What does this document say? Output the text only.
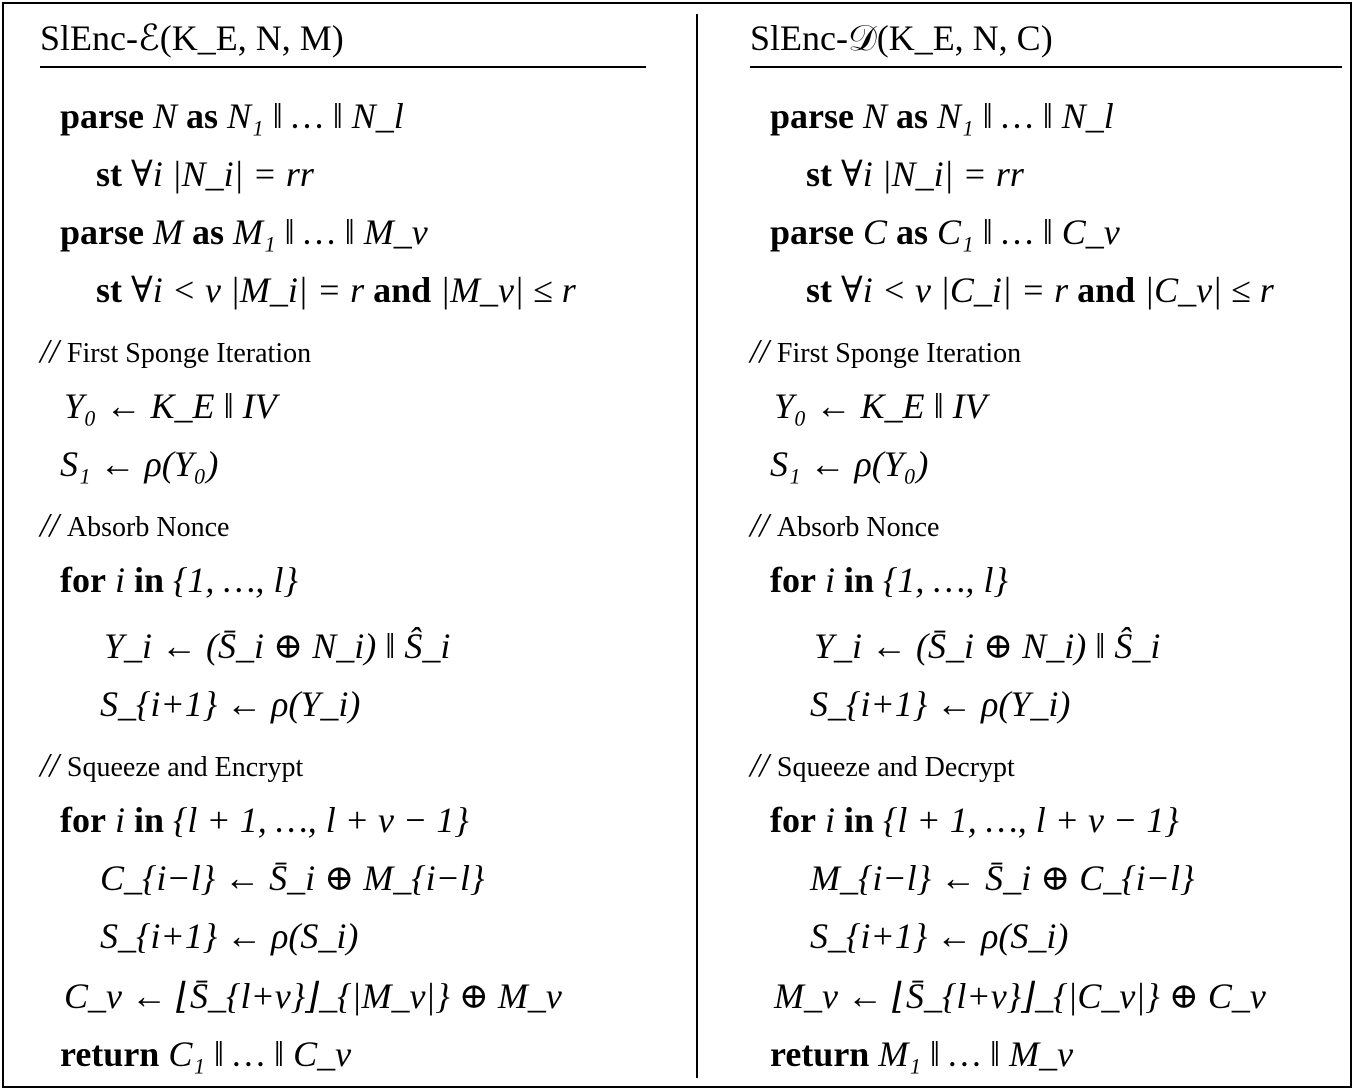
SlEnc-ℰ(K_E, N, M)
parse N as N₁ ‖ … ‖ N_l
st ∀i |N_i| = rr
parse M as M₁ ‖ … ‖ M_v
st ∀i < v |M_i| = r and |M_v| ≤ r
// First Sponge Iteration
Y₀ ← K_E ‖ IV
S₁ ← ρ(Y₀)
// Absorb Nonce
for i in {1, …, l}
Y_i ← (S̄_i ⊕ N_i) ‖ Ŝ_i
S_{i+1} ← ρ(Y_i)
// Squeeze and Encrypt
for i in {l + 1, …, l + v − 1}
C_{i−l} ← S̄_i ⊕ M_{i−l}
S_{i+1} ← ρ(S_i)
C_v ← ⌊S̄_{l+v}⌋_{|M_v|} ⊕ M_v
return C₁ ‖ … ‖ C_v
SlEnc-𝒟(K_E, N, C)
parse N as N₁ ‖ … ‖ N_l
st ∀i |N_i| = rr
parse C as C₁ ‖ … ‖ C_v
st ∀i < v |C_i| = r and |C_v| ≤ r
// First Sponge Iteration
Y₀ ← K_E ‖ IV
S₁ ← ρ(Y₀)
// Absorb Nonce
for i in {1, …, l}
Y_i ← (S̄_i ⊕ N_i) ‖ Ŝ_i
S_{i+1} ← ρ(Y_i)
// Squeeze and Decrypt
for i in {l + 1, …, l + v − 1}
M_{i−l} ← S̄_i ⊕ C_{i−l}
S_{i+1} ← ρ(S_i)
M_v ← ⌊S̄_{l+v}⌋_{|C_v|} ⊕ C_v
return M₁ ‖ … ‖ M_v
